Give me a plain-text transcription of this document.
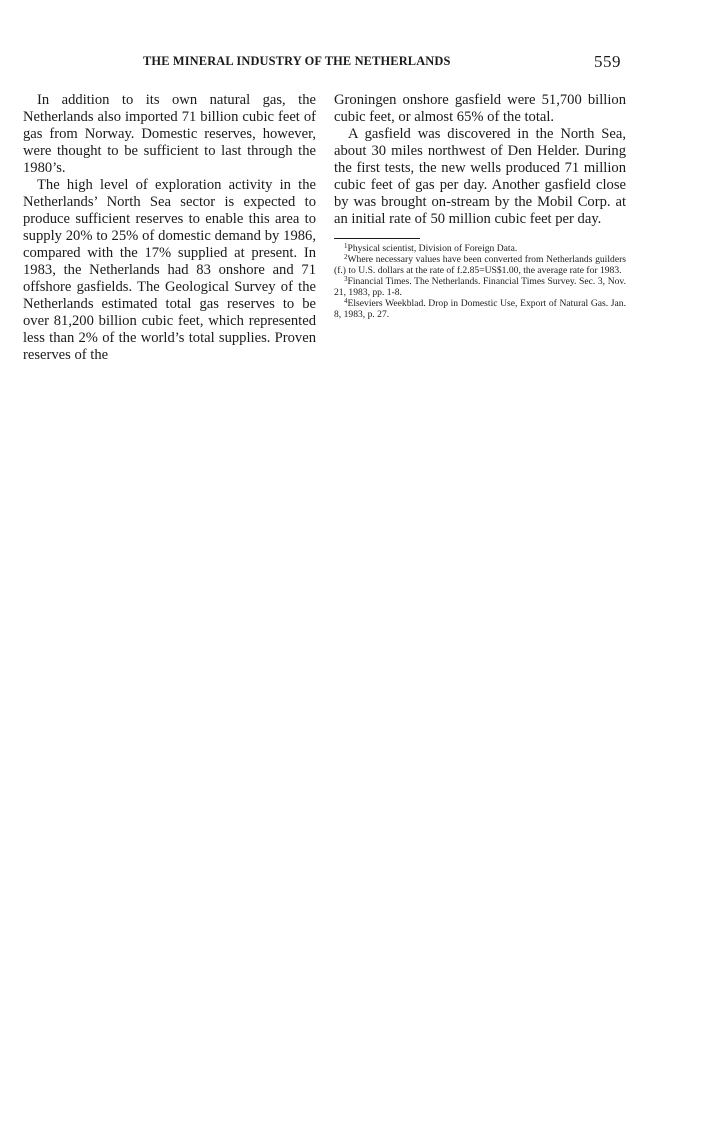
THE MINERAL INDUSTRY OF THE NETHERLANDS	559

In addition to its own natural gas, the Netherlands also imported 71 billion cubic feet of gas from Norway. Domestic reserves, however, were thought to be sufficient to last through the 1980’s.

The high level of exploration activity in the Netherlands’ North Sea sector is expected to produce sufficient reserves to enable this area to supply 20% to 25% of domestic demand by 1986, compared with the 17% supplied at present. In 1983, the Netherlands had 83 onshore and 71 offshore gasfields. The Geological Survey of the Netherlands estimated total gas reserves to be over 81,200 billion cubic feet, which represented less than 2% of the world’s total supplies. Proven reserves of the

Groningen onshore gasfield were 51,700 billion cubic feet, or almost 65% of the total.

A gasfield was discovered in the North Sea, about 30 miles northwest of Den Helder. During the first tests, the new wells produced 71 million cubic feet of gas per day. Another gasfield close by was brought on-stream by the Mobil Corp. at an initial rate of 50 million cubic feet per day.

$^1$Physical scientist, Division of Foreign Data.

$^2$Where necessary values have been converted from Netherlands guilders (f.) to U.S. dollars at the rate of f.2.85=US$1.00, the average rate for 1983.

$^3$Financial Times. The Netherlands. Financial Times Survey. Sec. 3, Nov. 21, 1983, pp. 1-8.

$^4$Elseviers Weekblad. Drop in Domestic Use, Export of Natural Gas. Jan. 8, 1983, p. 27.
